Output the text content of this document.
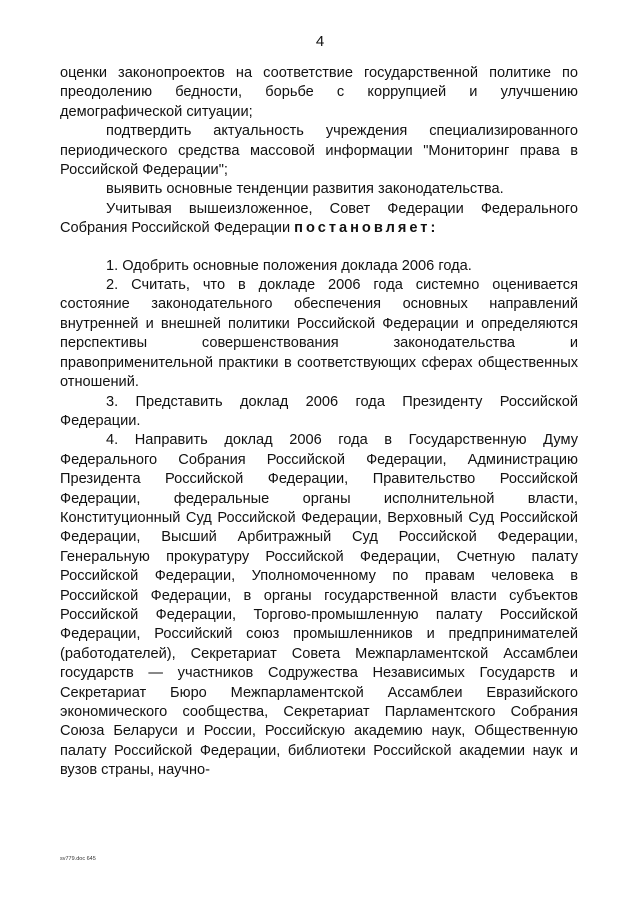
4

оценки законопроектов на соответствие государственной политике по преодолению бедности, борьбе с коррупцией и улучшению демографической ситуации;

подтвердить актуальность учреждения специализированного периодического средства массовой информации "Мониторинг права в Российской Федерации";

выявить основные тенденции развития законодательства.

Учитывая вышеизложенное, Совет Федерации Федерального Собрания Российской Федерации постановляет:

1. Одобрить основные положения доклада 2006 года.

2. Считать, что в докладе 2006 года системно оценивается состояние законодательного обеспечения основных направлений внутренней и внешней политики Российской Федерации и определяются перспективы совершенствования законодательства и правоприменительной практики в соответствующих сферах общественных отношений.

3. Представить доклад 2006 года Президенту Российской Федерации.

4. Направить доклад 2006 года в Государственную Думу Федерального Собрания Российской Федерации, Администрацию Президента Российской Федерации, Правительство Российской Федерации, федеральные органы исполнительной власти, Конституционный Суд Российской Федерации, Верховный Суд Российской Федерации, Высший Арбитражный Суд Российской Федерации, Генеральную прокуратуру Российской Федерации, Счетную палату Российской Федерации, Уполномоченному по правам человека в Российской Федерации, в органы государственной власти субъектов Российской Федерации, Торгово-промышленную палату Российской Федерации, Российский союз промышленников и предпринимателей (работодателей), Секретариат Совета Межпарламентской Ассамблеи государств — участников Содружества Независимых Государств и Секретариат Бюро Межпарламентской Ассамблеи Евразийского экономического сообщества, Секретариат Парламентского Собрания Союза Беларуси и России, Российскую академию наук, Общественную палату Российской Федерации, библиотеки Российской академии наук и вузов страны, научно-

sv779.doc 645
